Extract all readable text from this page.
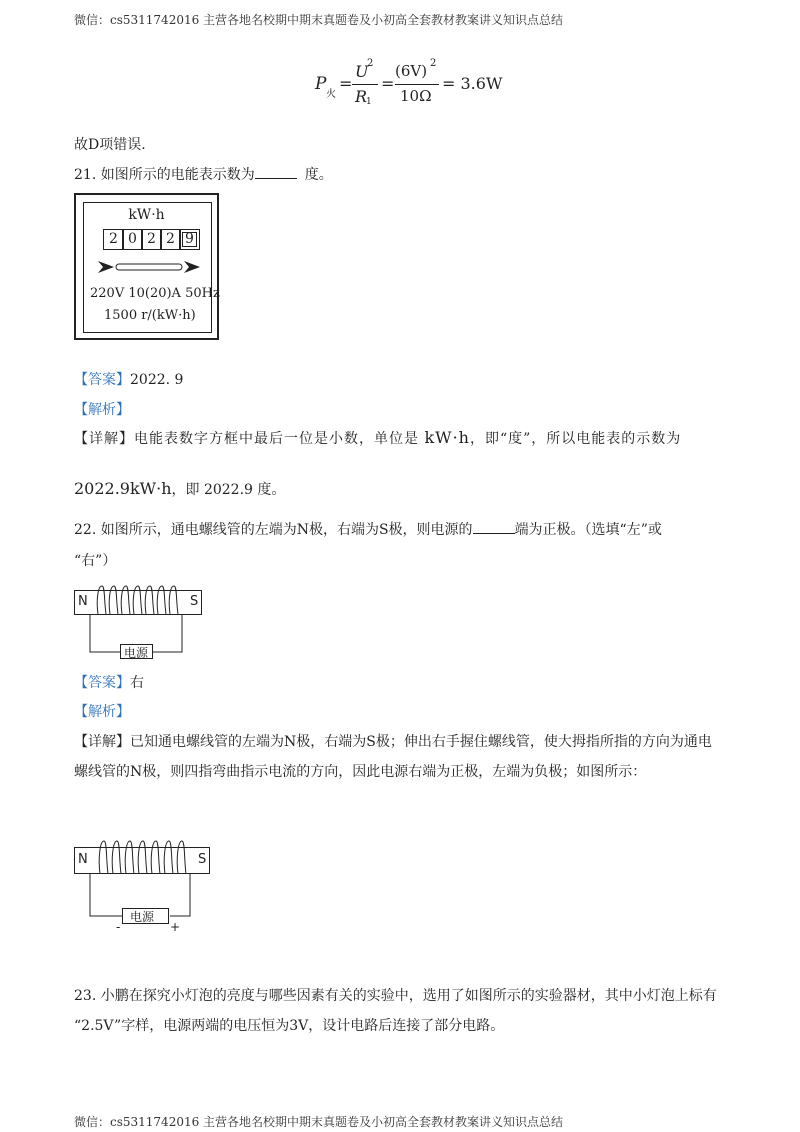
微信：cs5311742016 主营各地名校期中期末真题卷及小初高全套教材教案讲义知识点总结
P
火
=
U
2
R
1
=
(6V) 2
10Ω
= 3.6W
故D项错误.
21. 如图所示的电能表示数为	度。
kW·h
2 0 2 2 9
220V 10(20)A 50Hz
1500 r/(kW·h)
【答案】2022. 9
【解析】
【详解】电能表数字方框中最后一位是小数，单位是 kW·h，即“度”，所以电能表的示数为
2022.9kW·h，即 2022.9 度。
22. 如图所示，通电螺线管的左端为N极，右端为S极，则电源的	端为正极。（选填“左”或
“右”）
N	S
电源
【答案】右
【解析】
【详解】已知通电螺线管的左端为N极，右端为S极；伸出右手握住螺线管，使大拇指所指的方向为通电
螺线管的N极，则四指弯曲指示电流的方向，因此电源右端为正极，左端为负极；如图所示：
N	S
电源
-	+
23. 小鹏在探究小灯泡的亮度与哪些因素有关的实验中，选用了如图所示的实验器材，其中小灯泡上标有
“2.5V”字样，电源两端的电压恒为3V，设计电路后连接了部分电路。
微信：cs5311742016 主营各地名校期中期末真题卷及小初高全套教材教案讲义知识点总结
